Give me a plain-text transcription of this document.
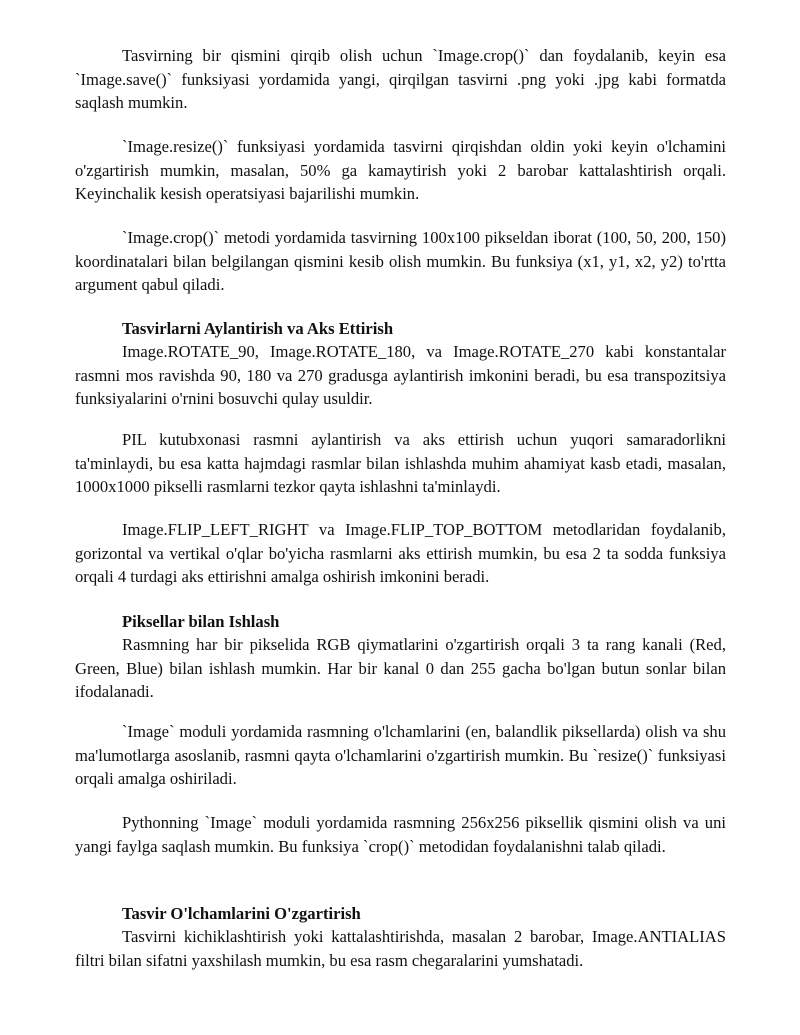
Tasvirning bir qismini qirqib olish uchun `Image.crop()` dan foydalanib, keyin esa `Image.save()` funksiyasi yordamida yangi, qirqilgan tasvirni .png yoki .jpg kabi formatda saqlash mumkin.

`Image.resize()` funksiyasi yordamida tasvirni qirqishdan oldin yoki keyin o'lchamini o'zgartirish mumkin, masalan, 50% ga kamaytirish yoki 2 barobar kattalashtirish orqali. Keyinchalik kesish operatsiyasi bajarilishi mumkin.

`Image.crop()` metodi yordamida tasvirning 100x100 pikseldan iborat (100, 50, 200, 150) koordinatalari bilan belgilangan qismini kesib olish mumkin. Bu funksiya (x1, y1, x2, y2) to'rtta argument qabul qiladi.

Tasvirlarni Aylantirish va Aks Ettirish

Image.ROTATE_90, Image.ROTATE_180, va Image.ROTATE_270 kabi konstantalar rasmni mos ravishda 90, 180 va 270 gradusga aylantirish imkonini beradi, bu esa transpozitsiya funksiyalarini o'rnini bosuvchi qulay usuldir.

PIL kutubxonasi rasmni aylantirish va aks ettirish uchun yuqori samaradorlikni ta'minlaydi, bu esa katta hajmdagi rasmlar bilan ishlashda muhim ahamiyat kasb etadi, masalan, 1000x1000 pikselli rasmlarni tezkor qayta ishlashni ta'minlaydi.

Image.FLIP_LEFT_RIGHT va Image.FLIP_TOP_BOTTOM metodlaridan foydalanib, gorizontal va vertikal o'qlar bo'yicha rasmlarni aks ettirish mumkin, bu esa 2 ta sodda funksiya orqali 4 turdagi aks ettirishni amalga oshirish imkonini beradi.

Piksellar bilan Ishlash

Rasmning har bir pikselida RGB qiymatlarini o'zgartirish orqali 3 ta rang kanali (Red, Green, Blue) bilan ishlash mumkin. Har bir kanal 0 dan 255 gacha bo'lgan butun sonlar bilan ifodalanadi.

`Image` moduli yordamida rasmning o'lchamlarini (en, balandlik piksellarda) olish va shu ma'lumotlarga asoslanib, rasmni qayta o'lchamlarini o'zgartirish mumkin. Bu `resize()` funksiyasi orqali amalga oshiriladi.

Pythonning `Image` moduli yordamida rasmning 256x256 piksellik qismini olish va uni yangi faylga saqlash mumkin. Bu funksiya `crop()` metodidan foydalanishni talab qiladi.

Tasvir O'lchamlarini O'zgartirish

Tasvirni kichiklashtirish yoki kattalashtirishda, masalan 2 barobar, Image.ANTIALIAS filtri bilan sifatni yaxshilash mumkin, bu esa rasm chegaralarini yumshatadi.
